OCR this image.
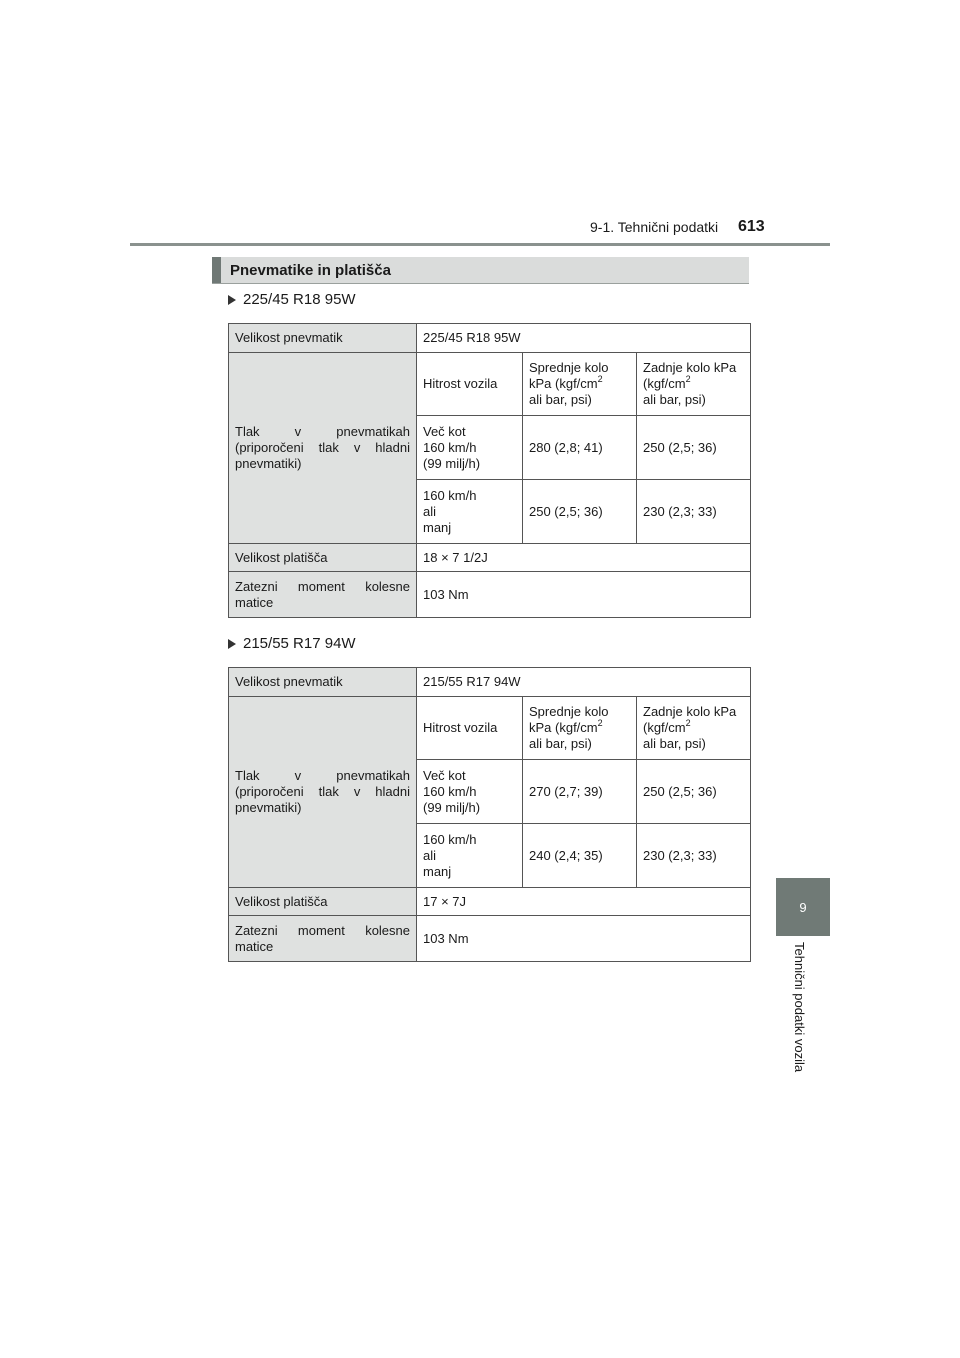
9-1. Tehnični podatki 613
9
Tehnični podatki vozila
Pnevmatike in platišča
225/45 R18 95W
Velikost pnevmatik	225/45 R18 95W		
Tlak v pnevmatikah (priporočeni tlak v hladni pnevmatiki)	Hitrost vozila	Sprednje kolo kPa ($kgf/cm^2$
ali bar, psi)	Zadnje kolo kPa ($kgf/cm^2$
ali bar, psi)
	Več kot
160 km/h
(99 milj/h)	280 (2,8; 41)	250 (2,5; 36)
	160 km/h
ali
manj	250 (2,5; 36)	230 (2,3; 33)
Velikost platišča	18 × 7 1/2J		
Zatezni moment kolesne matice	103 Nm		
215/55 R17 94W
Velikost pnevmatik	215/55 R17 94W		
Tlak v pnevmatikah (priporočeni tlak v hladni pnevmatiki)	Hitrost vozila	Sprednje kolo kPa ($kgf/cm^2$
ali bar, psi)	Zadnje kolo kPa ($kgf/cm^2$
ali bar, psi)
	Več kot
160 km/h
(99 milj/h)	270 (2,7; 39)	250 (2,5; 36)
	160 km/h
ali
manj	240 (2,4; 35)	230 (2,3; 33)
Velikost platišča	17 × 7J		
Zatezni moment kolesne matice	103 Nm		
